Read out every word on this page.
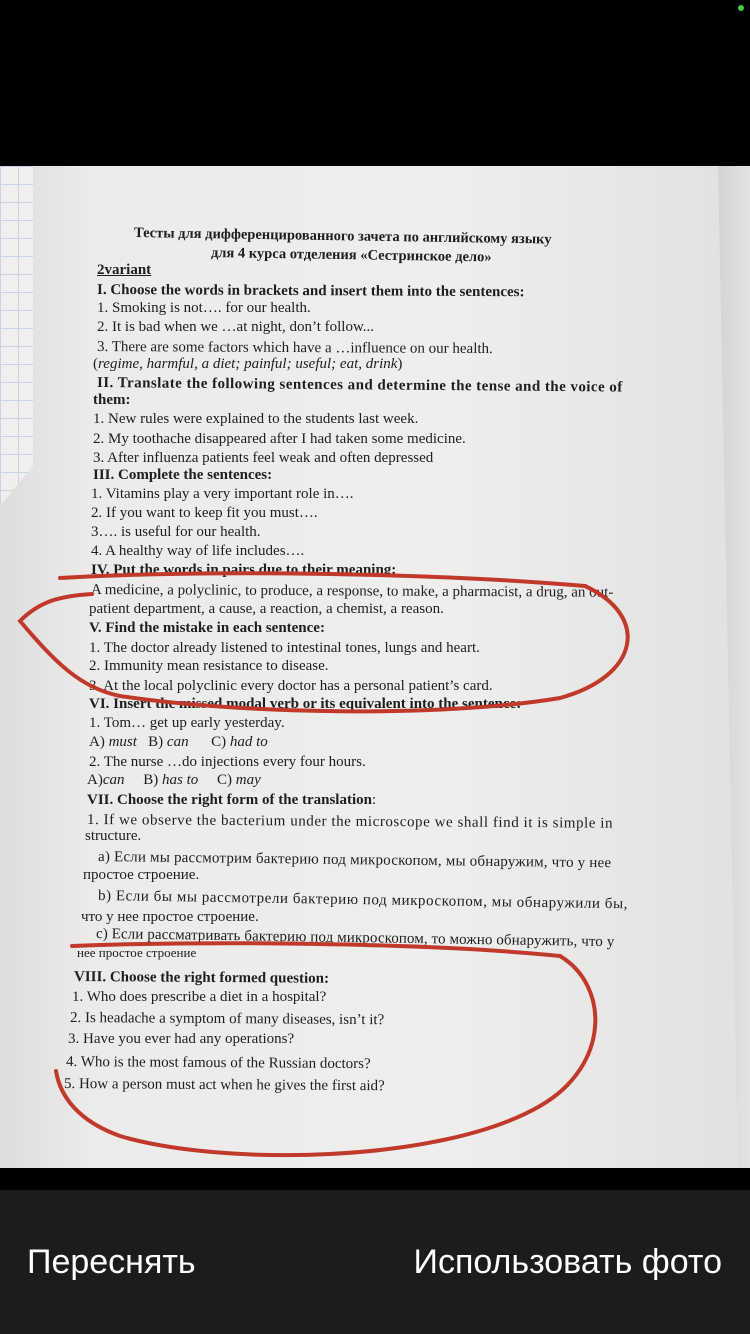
Тесты для дифференцированного зачета по английскому языку
для 4 курса отделения «Сестринское дело»
2variant
I. Choose the words in brackets and insert them into the sentences:
1. Smoking is not…. for our health.
2. It is bad when we …at night, don’t follow...
3. There are some factors which have a …influence on our health.
(regime, harmful, a diet; painful; useful; eat, drink)
II. Translate the following sentences and determine the tense and the voice of
them:
1. New rules were explained to the students last week.
2. My toothache disappeared after I had taken some medicine.
3. After influenza patients feel weak and often depressed
III. Complete the sentences:
1. Vitamins play a very important role in….
2. If you want to keep fit you must….
3…. is useful for our health.
4. A healthy way of life includes….
IV. Put the words in pairs due to their meaning:
A medicine, a polyclinic, to produce, a response, to make, a pharmacist, a drug, an out-
patient department, a cause, a reaction, a chemist, a reason.
V. Find the mistake in each sentence:
1. The doctor already listened to intestinal tones, lungs and heart.
2. Immunity mean resistance to disease.
3. At the local polyclinic every doctor has a personal patient’s card.
VI. Insert the missed modal verb or its equivalent into the sentence:
1. Tom… get up early yesterday.
A) must B) can C) had to
2. The nurse …do injections every four hours.
A)can B) has to C) may
VII. Choose the right form of the translation:
1. If we observe the bacterium under the microscope we shall find it is simple in
structure.
a) Если мы рассмотрим бактерию под микроскопом, мы обнаружим, что у нее
простое строение.
b) Если бы мы рассмотрели бактерию под микроскопом, мы обнаружили бы,
что у нее простое строение.
c) Если рассматривать бактерию под микроскопом, то можно обнаружить, что у
нее простое строение
VIII. Choose the right formed question:
1. Who does prescribe a diet in a hospital?
2. Is headache a symptom of many diseases, isn’t it?
3. Have you ever had any operations?
4. Who is the most famous of the Russian doctors?
5. How a person must act when he gives the first aid?
Переснять	Использовать фото
